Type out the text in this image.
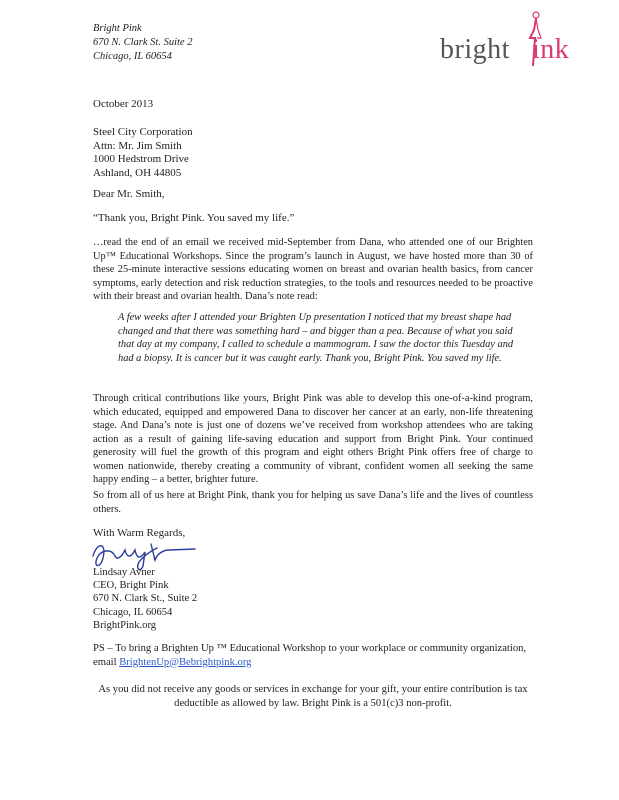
Bright Pink
670 N. Clark St. Suite 2
Chicago, IL 60654	bright ink
October 2013
Steel City Corporation
Attn: Mr. Jim Smith
1000 Hedstrom Drive
Ashland, OH 44805
Dear Mr. Smith,
“Thank you, Bright Pink. You saved my life.”
…read the end of an email we received mid-September from Dana, who attended one of our Brighten Up™ Educational Workshops. Since the program’s launch in August, we have hosted more than 30 of these 25-minute interactive sessions educating women on breast and ovarian health basics, from cancer symptoms, early detection and risk reduction strategies, to the tools and resources needed to be proactive with their breast and ovarian health. Dana’s note read:
A few weeks after I attended your Brighten Up presentation I noticed that my breast shape had changed and that there was something hard – and bigger than a pea. Because of what you said that day at my company, I called to schedule a mammogram. I saw the doctor this Tuesday and had a biopsy. It is cancer but it was caught early. Thank you, Bright Pink. You saved my life.
Through critical contributions like yours, Bright Pink was able to develop this one-of-a-kind program, which educated, equipped and empowered Dana to discover her cancer at an early, non-life threatening stage. And Dana’s note is just one of dozens we’ve received from workshop attendees who are taking action as a result of gaining life-saving education and support from Bright Pink. Your continued generosity will fuel the growth of this program and eight others Bright Pink offers free of charge to women nationwide, thereby creating a community of vibrant, confident women all seeking the same happy ending – a better, brighter future.
So from all of us here at Bright Pink, thank you for helping us save Dana’s life and the lives of countless others.
With Warm Regards,
Lindsay Avner
CEO, Bright Pink
670 N. Clark St., Suite 2
Chicago, IL 60654
BrightPink.org
PS – To bring a Brighten Up ™ Educational Workshop to your workplace or community organization, email BrightenUp@Bebrightpink.org
As you did not receive any goods or services in exchange for your gift, your entire contribution is tax deductible as allowed by law. Bright Pink is a 501(c)3 non-profit.
